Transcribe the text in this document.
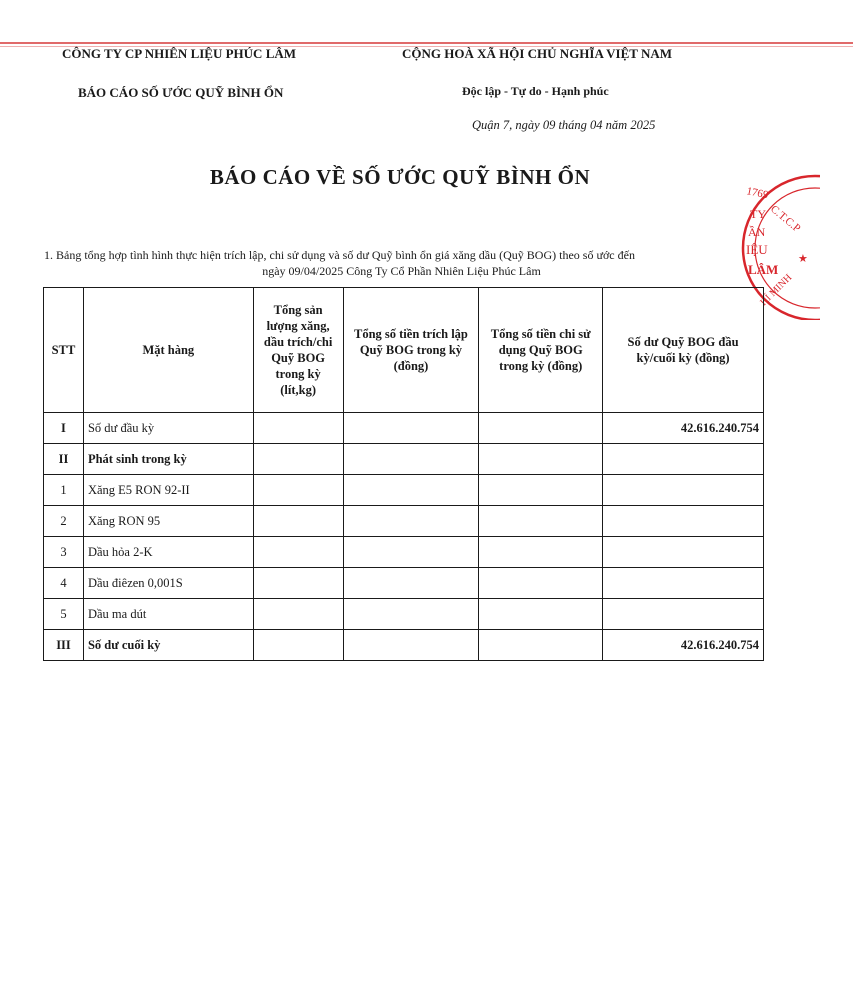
CÔNG TY CP NHIÊN LIỆU PHÚC LÂM
BÁO CÁO SỐ ƯỚC QUỸ BÌNH ỔN
CỘNG HOÀ XÃ HỘI CHỦ NGHĨA VIỆT NAM
Độc lập - Tự do - Hạnh phúc
Quận 7, ngày 09 tháng 04 năm 2025
BÁO CÁO VỀ SỐ ƯỚC QUỸ BÌNH ỔN
1. Bảng tổng hợp tình hình thực hiện trích lập, chi sử dụng và số dư Quỹ bình ổn giá xăng dầu (Quỹ BOG) theo số ước đến
ngày 09/04/2025 Công Ty Cổ Phần Nhiên Liệu Phúc Lâm
1769
C.T.C.P
TY
ẦN
IỆU
LÂM
HÍ MINH
★
STT	Mặt hàng	Tổng sản lượng xăng, dầu trích/chi Quỹ BOG trong kỳ (lít,kg)	Tổng số tiền trích lập Quỹ BOG trong kỳ (đồng)	Tổng số tiền chi sử dụng Quỹ BOG trong kỳ (đồng)	Số dư Quỹ BOG đầu kỳ/cuối kỳ (đồng)
I	Số dư đầu kỳ				42.616.240.754
II	Phát sinh trong kỳ				
1	Xăng E5 RON 92-II				
2	Xăng RON 95				
3	Dầu hỏa 2-K				
4	Dầu điêzen 0,001S				
5	Dầu ma dút				
III	Số dư cuối kỳ				42.616.240.754
